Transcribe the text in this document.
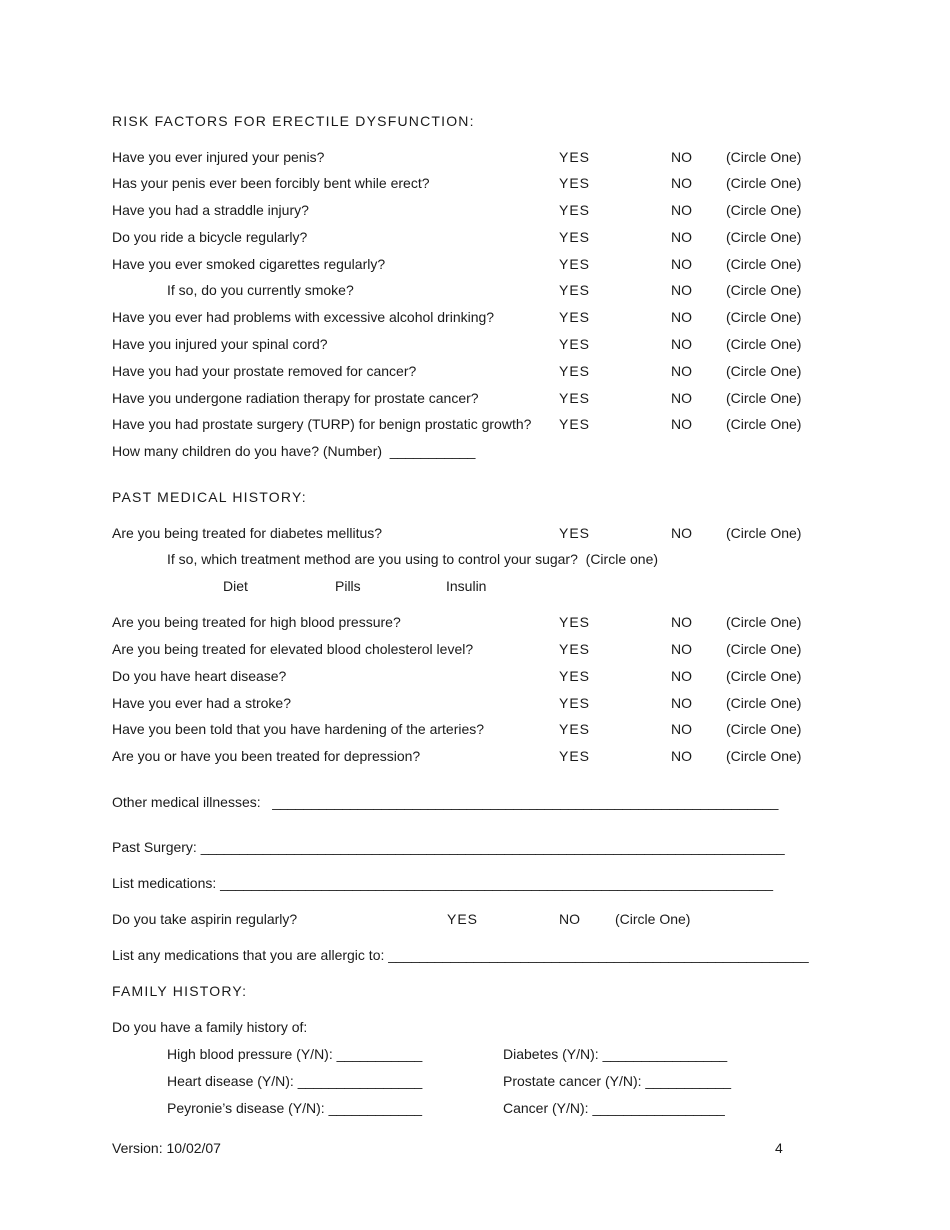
RISK FACTORS FOR ERECTILE DYSFUNCTION:
Have you ever injured your penis?	YES	NO (Circle One)
Has your penis ever been forcibly bent while erect?	YES	NO (Circle One)
Have you had a straddle injury?	YES	NO (Circle One)
Do you ride a bicycle regularly?	YES	NO (Circle One)
Have you ever smoked cigarettes regularly?	YES	NO (Circle One)
If so, do you currently smoke?	YES	NO (Circle One)
Have you ever had problems with excessive alcohol drinking?	YES	NO (Circle One)
Have you injured your spinal cord?	YES	NO (Circle One)
Have you had your prostate removed for cancer?	YES	NO (Circle One)
Have you undergone radiation therapy for prostate cancer?	YES	NO (Circle One)
Have you had prostate surgery (TURP) for benign prostatic growth? YES	NO (Circle One)
How many children do you have? (Number)  ___________
PAST MEDICAL HISTORY:
Are you being treated for diabetes mellitus?	YES	NO (Circle One)
If so, which treatment method are you using to control your sugar?  (Circle one)
Diet	Pills	Insulin
Are you being treated for high blood pressure?	YES	NO (Circle One)
Are you being treated for elevated blood cholesterol level?	YES	NO (Circle One)
Do you have heart disease?	YES	NO (Circle One)
Have you ever had a stroke?	YES	NO (Circle One)
Have you been told that you have hardening of the arteries?	YES	NO (Circle One)
Are you or have you been treated for depression?	YES	NO (Circle One)
Other medical illnesses:   _________________________________________________________________
Past Surgery: ___________________________________________________________________________
List medications: _______________________________________________________________________
Do you take aspirin regularly?	YES	NO	(Circle One)
List any medications that you are allergic to: ______________________________________________________
FAMILY HISTORY:
Do you have a family history of:
High blood pressure (Y/N): ___________	Diabetes (Y/N): ________________
Heart disease (Y/N): ________________	Prostate cancer (Y/N): ___________
Peyronie’s disease (Y/N): ____________	Cancer (Y/N): _________________
Version: 10/02/07	4
